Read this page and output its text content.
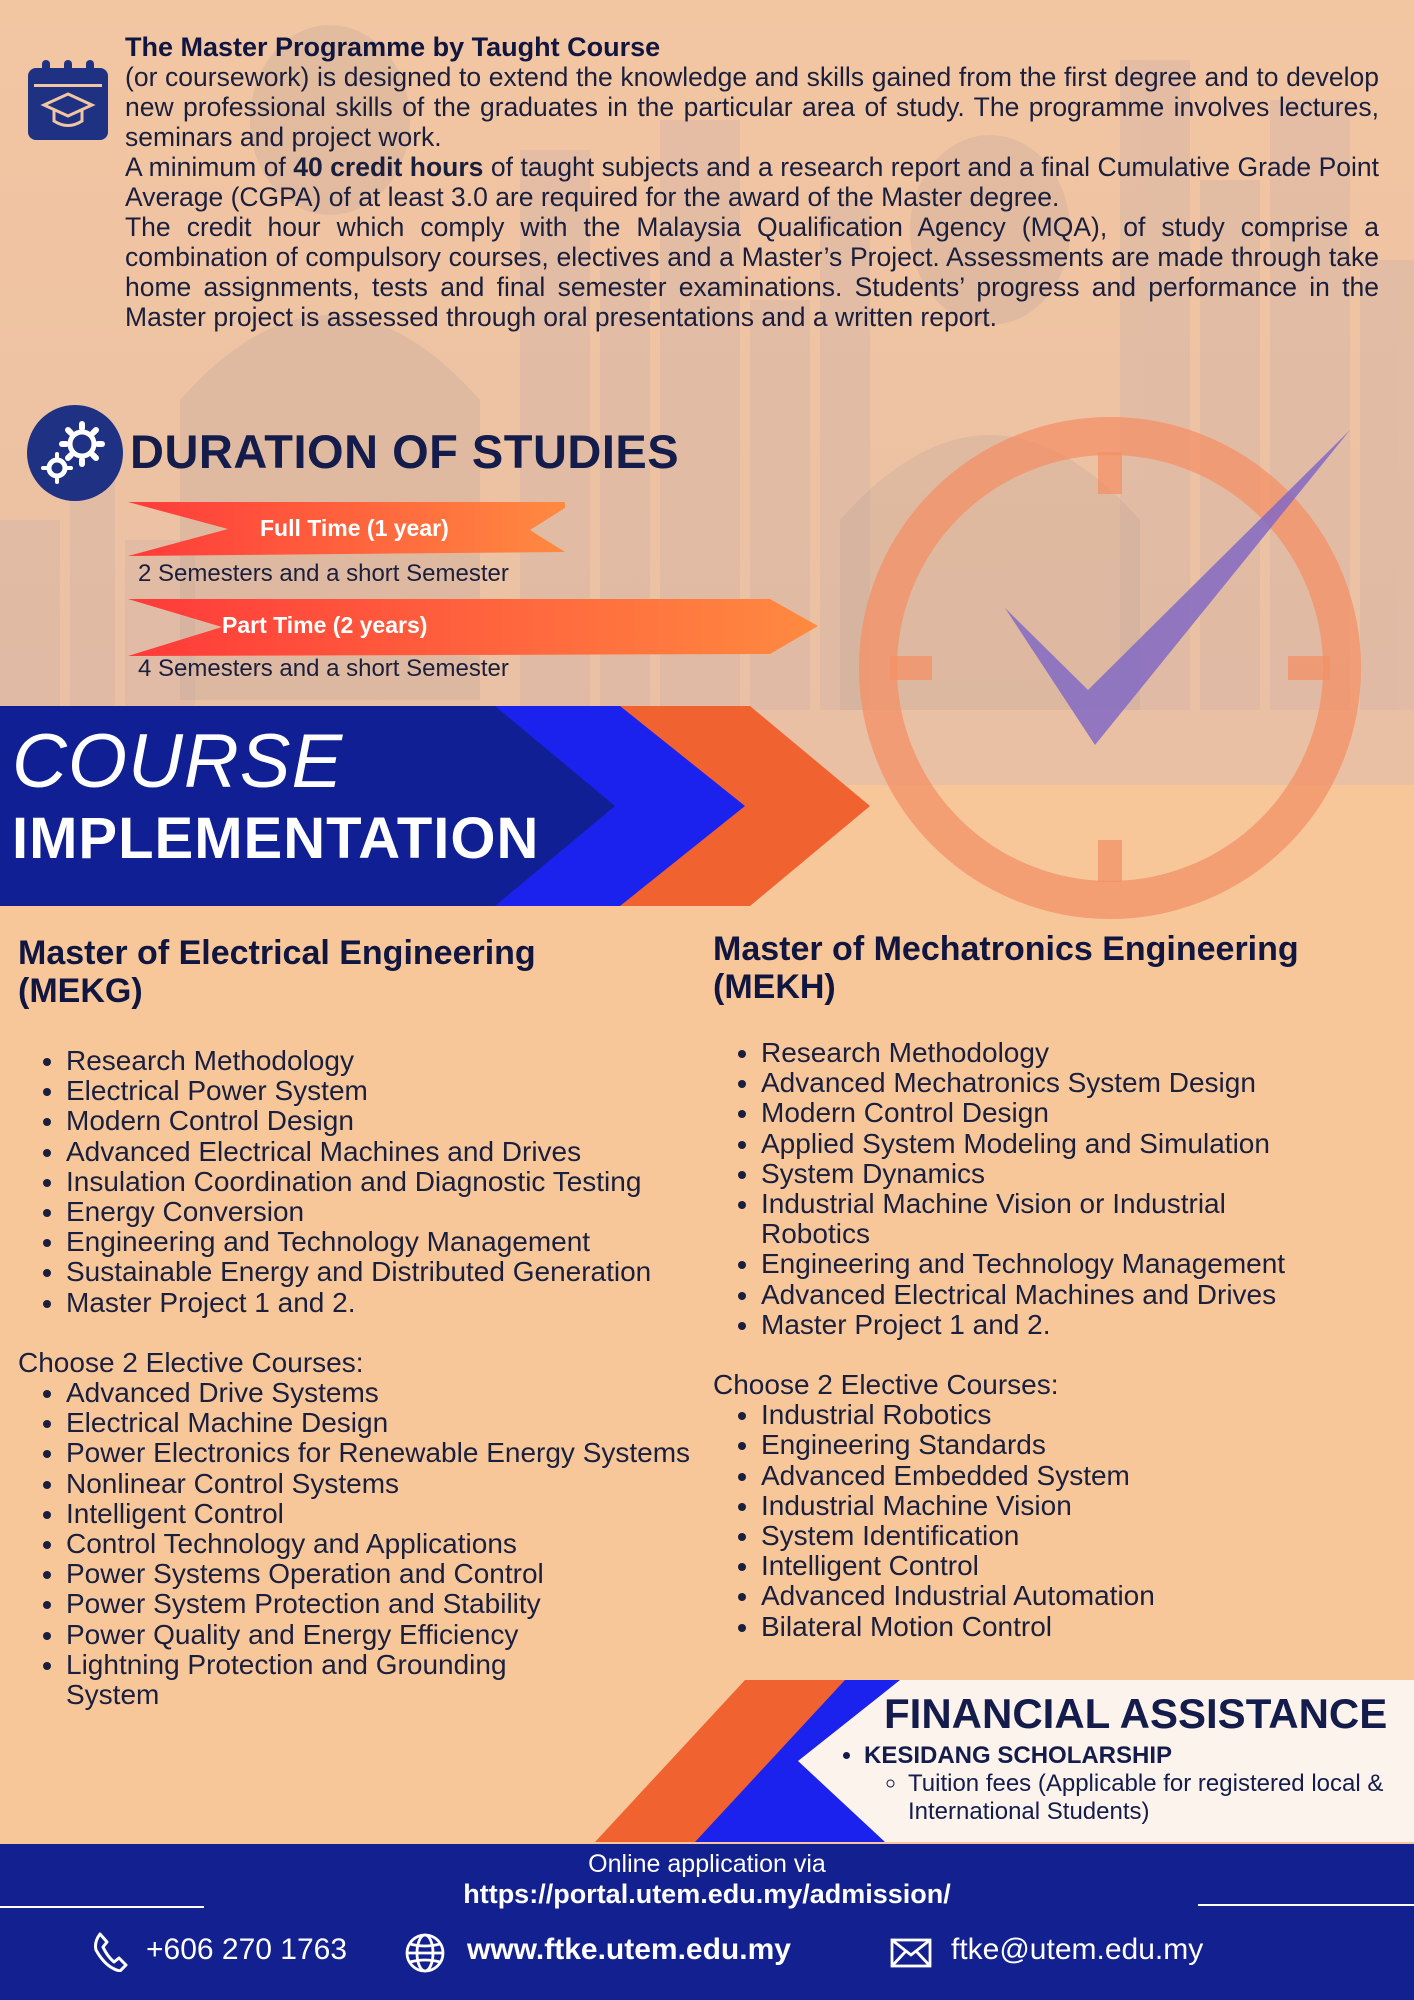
The Master Programme by Taught Course

(or coursework) is designed to extend the knowledge and skills gained from the first degree and to develop new professional skills of the graduates in the particular area of study. The programme involves lectures, seminars and project work.

A minimum of 40 credit hours of taught subjects and a research report and a final Cumulative Grade Point Average (CGPA) of at least 3.0 are required for the award of the Master degree.

The credit hour which comply with the Malaysia Qualification Agency (MQA), of study comprise a combination of compulsory courses, electives and a Master’s Project. Assessments are made through take home assignments, tests and final semester examinations. Students’ progress and performance in the Master project is assessed through oral presentations and a written report.

DURATION OF STUDIES
Full Time (1 year)
2 Semesters and a short Semester
Part Time (2 years)
4 Semesters and a short Semester
COURSE
IMPLEMENTATION
Master of Electrical Engineering
(MEKG)
• Research Methodology
• Electrical Power System
• Modern Control Design
• Advanced Electrical Machines and Drives
• Insulation Coordination and Diagnostic Testing
• Energy Conversion
• Engineering and Technology Management
• Sustainable Energy and Distributed Generation
• Master Project 1 and 2.
Choose 2 Elective Courses:
• Advanced Drive Systems
• Electrical Machine Design
• Power Electronics for Renewable Energy Systems
• Nonlinear Control Systems
• Intelligent Control
• Control Technology and Applications
• Power Systems Operation and Control
• Power System Protection and Stability
• Power Quality and Energy Efficiency
• Lightning Protection and Grounding System
Master of Mechatronics Engineering
(MEKH)
• Research Methodology
• Advanced Mechatronics System Design
• Modern Control Design
• Applied System Modeling and Simulation
• System Dynamics
• Industrial Machine Vision or Industrial Robotics
• Engineering and Technology Management
• Advanced Electrical Machines and Drives
• Master Project 1 and 2.
Choose 2 Elective Courses:
• Industrial Robotics
• Engineering Standards
• Advanced Embedded System
• Industrial Machine Vision
• System Identification
• Intelligent Control
• Advanced Industrial Automation
• Bilateral Motion Control
FINANCIAL ASSISTANCE
• KESIDANG SCHOLARSHIP
◦ Tuition fees (Applicable for registered local & International Students)
Online application via
https://portal.utem.edu.my/admission/
+606 270 1763	www.ftke.utem.edu.my	ftke@utem.edu.my
